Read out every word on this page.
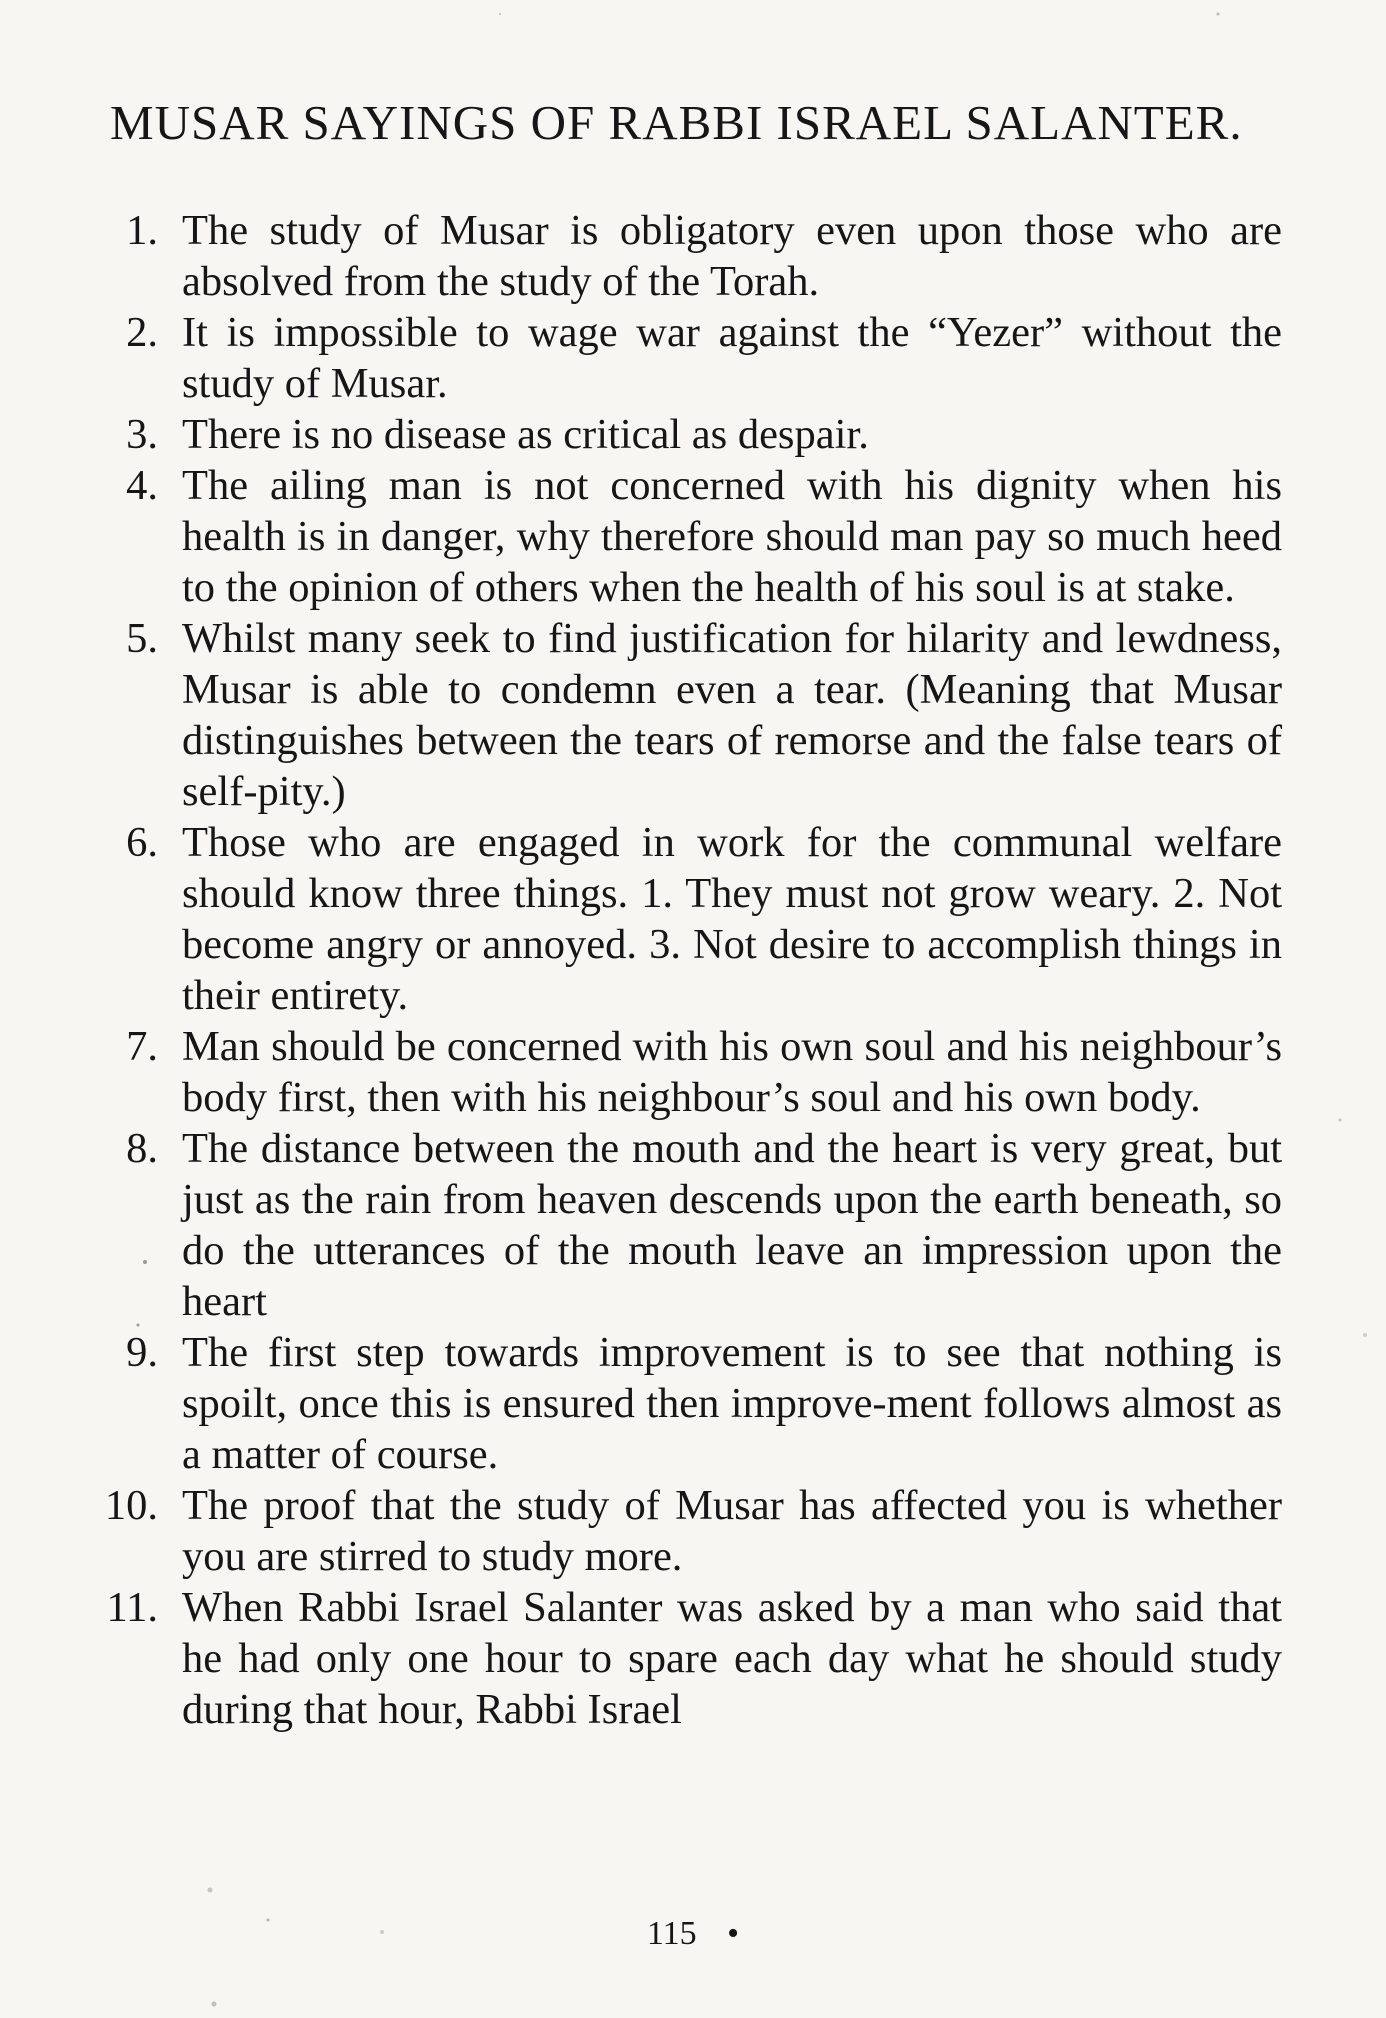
MUSAR SAYINGS OF RABBI ISRAEL SALANTER.
1. The study of Musar is obligatory even upon those who are absolved from the study of the Torah.
2. It is impossible to wage war against the “Yezer” without the study of Musar.
3. There is no disease as critical as despair.
4. The ailing man is not concerned with his dignity when his health is in danger, why therefore should man pay so much heed to the opinion of others when the health of his soul is at stake.
5. Whilst many seek to find justification for hilarity and lewdness, Musar is able to condemn even a tear. (Meaning that Musar distinguishes between the tears of remorse and the false tears of self-pity.)
6. Those who are engaged in work for the communal welfare should know three things. 1. They must not grow weary. 2. Not become angry or annoyed. 3. Not desire to accomplish things in their entirety.
7. Man should be concerned with his own soul and his neighbour’s body first, then with his neighbour’s soul and his own body.
8. The distance between the mouth and the heart is very great, but just as the rain from heaven descends upon the earth beneath, so do the utterances of the mouth leave an impression upon the heart
9. The first step towards improvement is to see that nothing is spoilt, once this is ensured then improve-ment follows almost as a matter of course.
10. The proof that the study of Musar has affected you is whether you are stirred to study more.
11. When Rabbi Israel Salanter was asked by a man who said that he had only one hour to spare each day what he should study during that hour, Rabbi Israel
115 •
